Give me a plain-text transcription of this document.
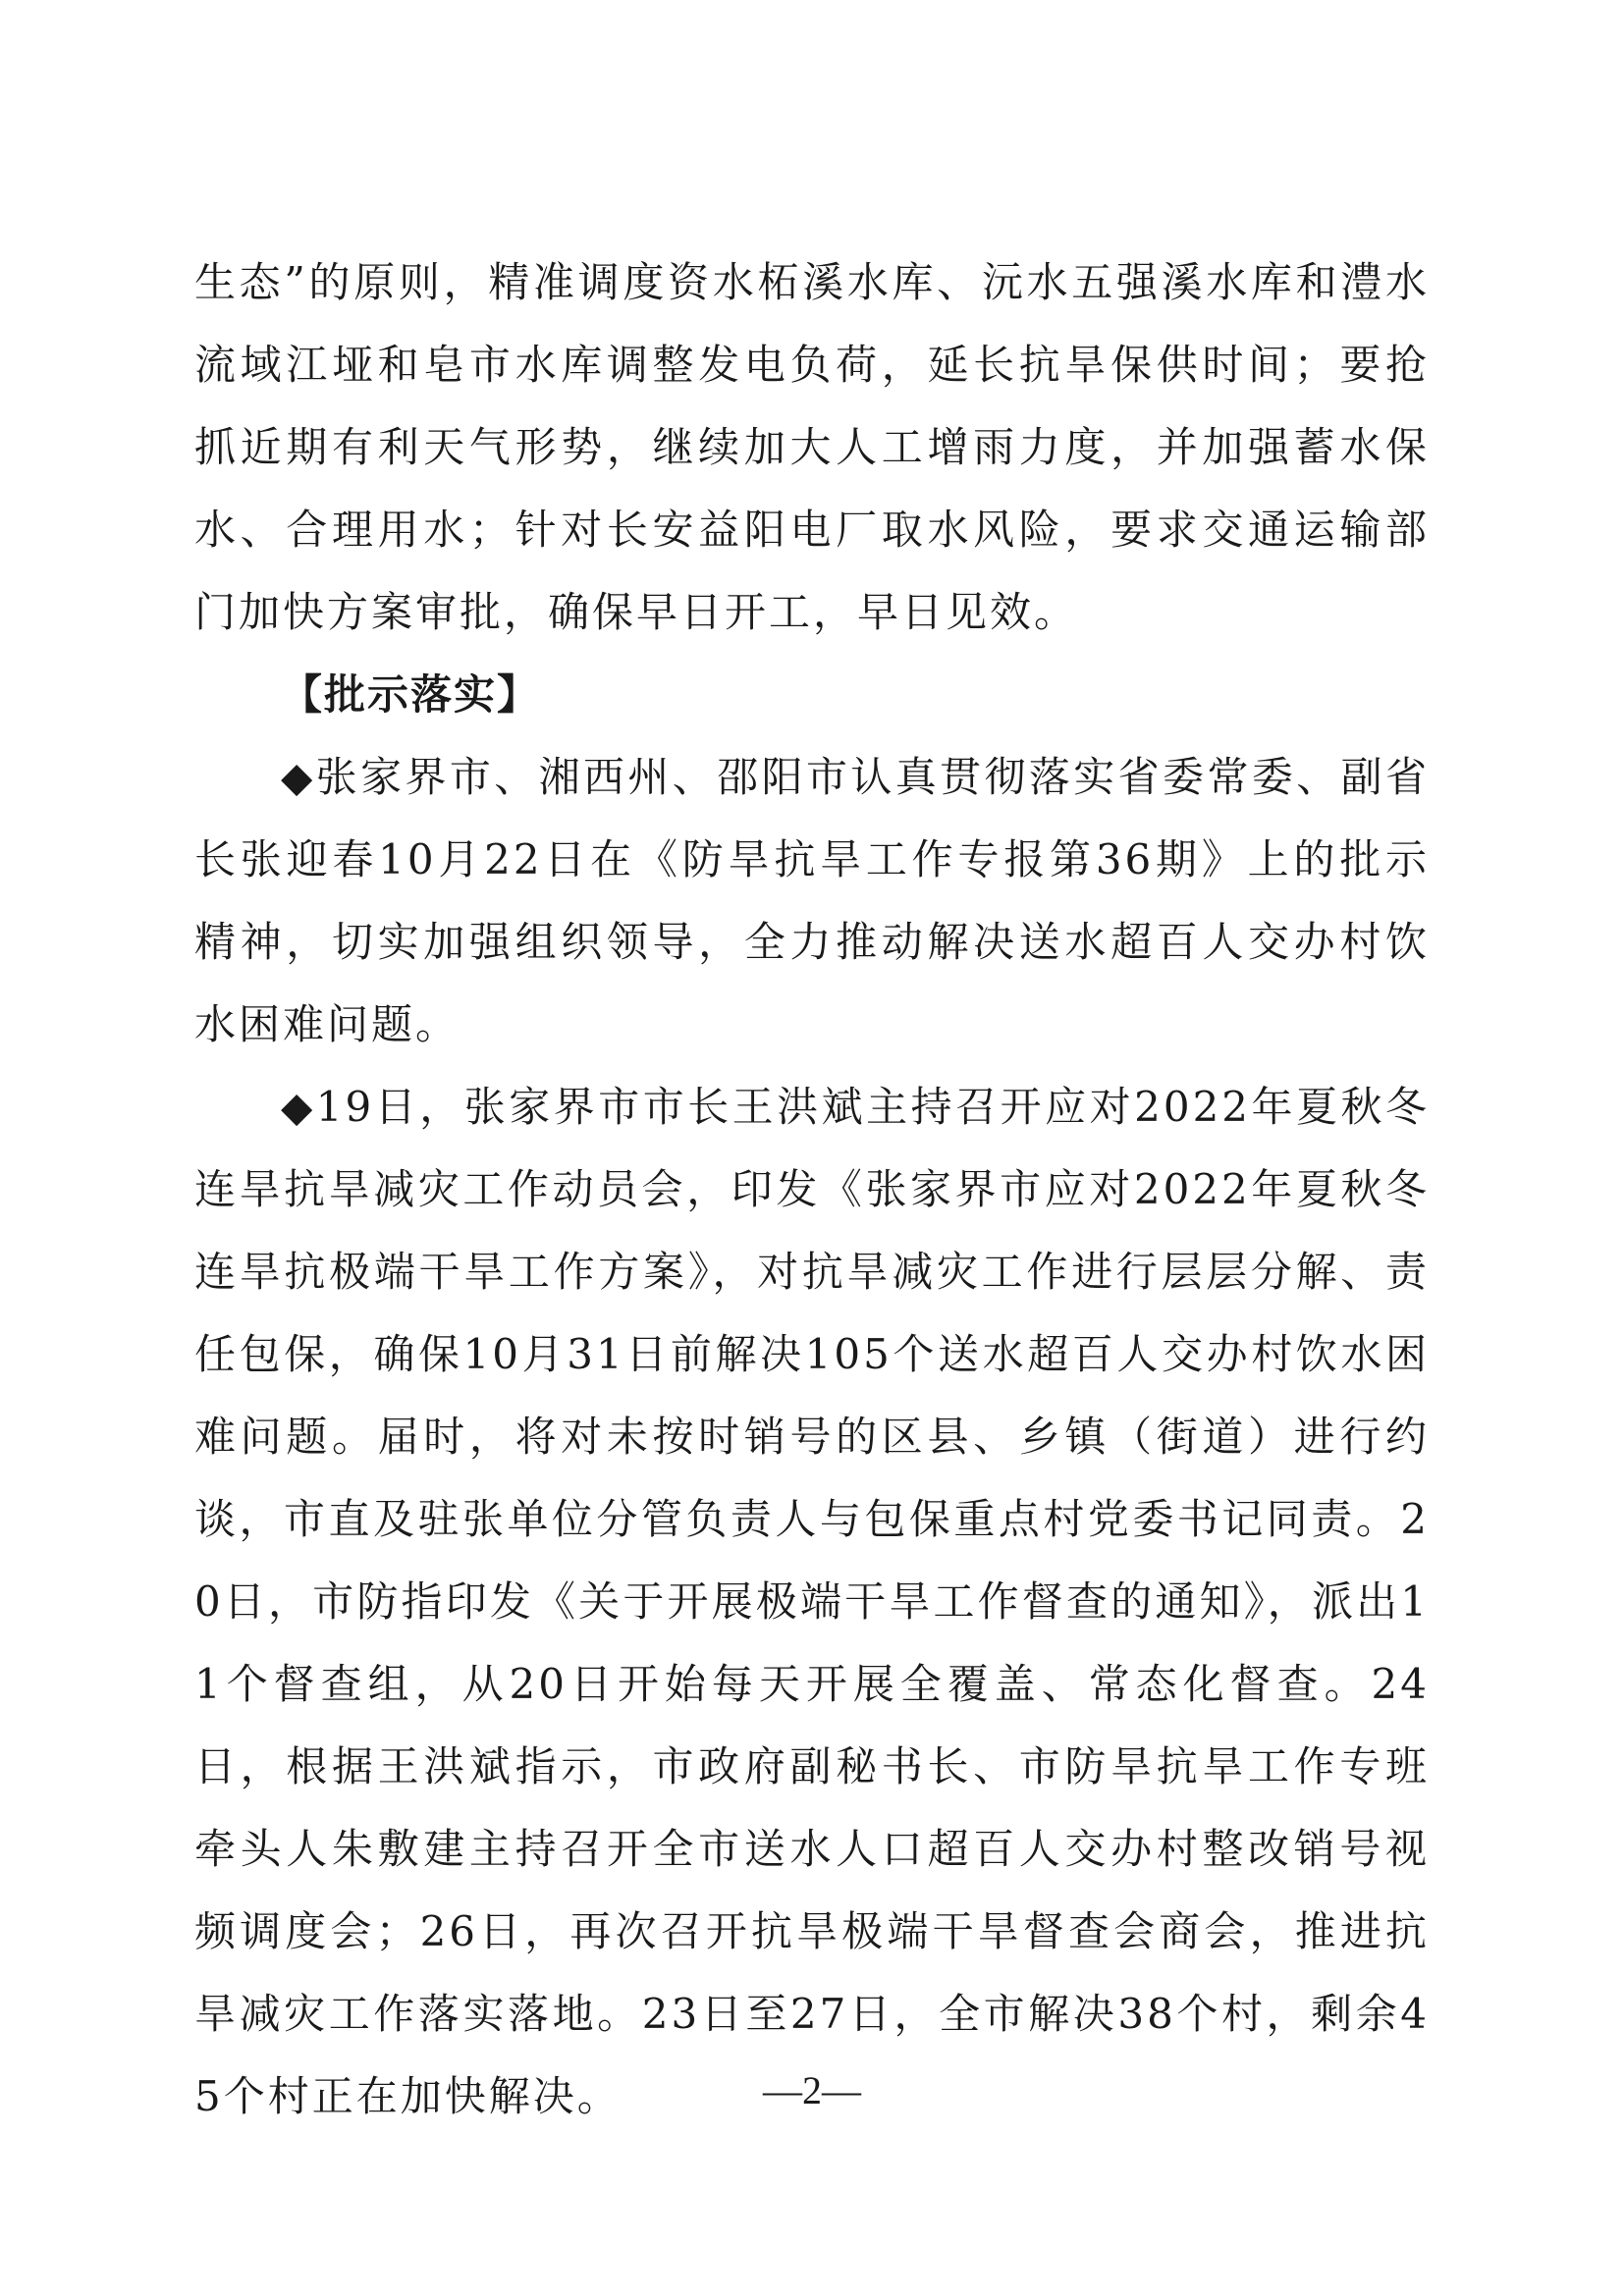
生态”的原则，精准调度资水柘溪水库、沅水五强溪水库和澧水流域江垭和皂市水库调整发电负荷，延长抗旱保供时间；要抢抓近期有利天气形势，继续加大人工增雨力度，并加强蓄水保水、合理用水；针对长安益阳电厂取水风险，要求交通运输部门加快方案审批，确保早日开工，早日见效。

【批示落实】

◆张家界市、湘西州、邵阳市认真贯彻落实省委常委、副省长张迎春10月22日在《防旱抗旱工作专报第36期》上的批示精神，切实加强组织领导，全力推动解决送水超百人交办村饮水困难问题。

◆19日，张家界市市长王洪斌主持召开应对2022年夏秋冬连旱抗旱减灾工作动员会，印发《张家界市应对2022年夏秋冬连旱抗极端干旱工作方案》，对抗旱减灾工作进行层层分解、责任包保，确保10月31日前解决105个送水超百人交办村饮水困难问题。届时，将对未按时销号的区县、乡镇（街道）进行约谈，市直及驻张单位分管负责人与包保重点村党委书记同责。20日，市防指印发《关于开展极端干旱工作督查的通知》，派出11个督查组，从20日开始每天开展全覆盖、常态化督查。24日，根据王洪斌指示，市政府副秘书长、市防旱抗旱工作专班牵头人朱敷建主持召开全市送水人口超百人交办村整改销号视频调度会；26日，再次召开抗旱极端干旱督查会商会，推进抗旱减灾工作落实落地。23日至27日，全市解决38个村，剩余45个村正在加快解决。	—2—
